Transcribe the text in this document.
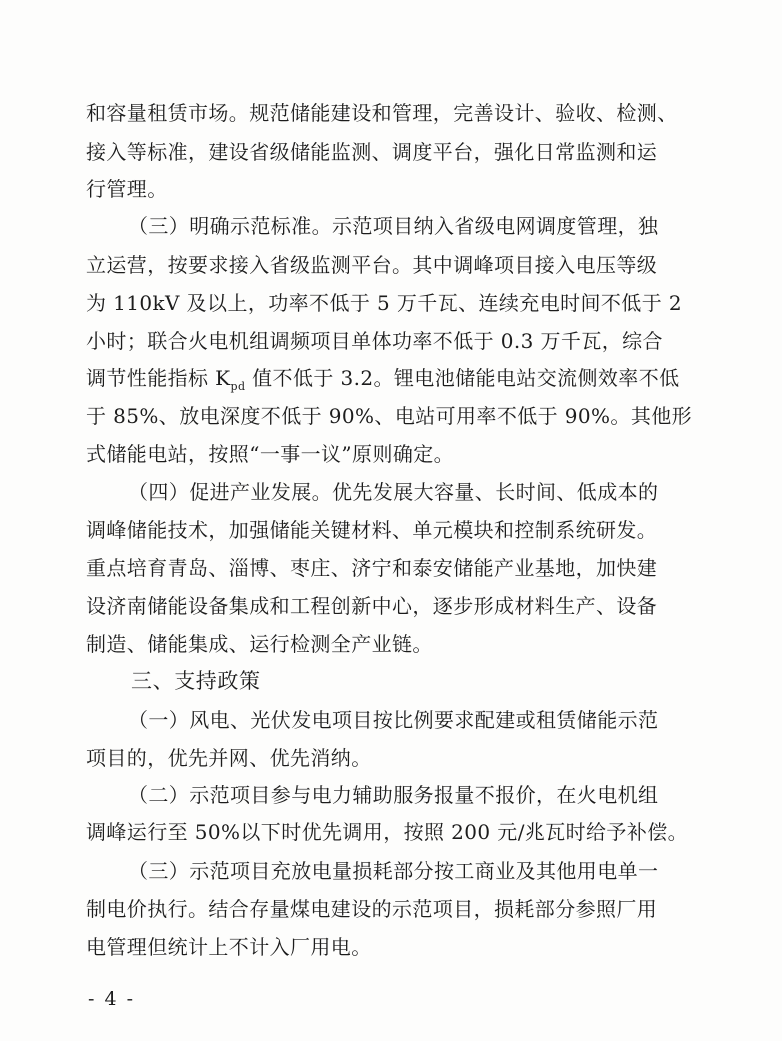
和容量租赁市场。规范储能建设和管理，完善设计、验收、检测、
接入等标准，建设省级储能监测、调度平台，强化日常监测和运
行管理。
（三）明确示范标准。示范项目纳入省级电网调度管理，独
立运营，按要求接入省级监测平台。其中调峰项目接入电压等级
为 110kV 及以上，功率不低于 5 万千瓦、连续充电时间不低于 2
小时；联合火电机组调频项目单体功率不低于 0.3 万千瓦，综合
调节性能指标 $K_{pd}$ 值不低于 3.2。锂电池储能电站交流侧效率不低
于 85%、放电深度不低于 90%、电站可用率不低于 90%。其他形
式储能电站，按照“一事一议”原则确定。
（四）促进产业发展。优先发展大容量、长时间、低成本的
调峰储能技术，加强储能关键材料、单元模块和控制系统研发。
重点培育青岛、淄博、枣庄、济宁和泰安储能产业基地，加快建
设济南储能设备集成和工程创新中心，逐步形成材料生产、设备
制造、储能集成、运行检测全产业链。
三、支持政策
（一）风电、光伏发电项目按比例要求配建或租赁储能示范
项目的，优先并网、优先消纳。
（二）示范项目参与电力辅助服务报量不报价，在火电机组
调峰运行至 50%以下时优先调用，按照 200 元/兆瓦时给予补偿。
（三）示范项目充放电量损耗部分按工商业及其他用电单一
制电价执行。结合存量煤电建设的示范项目，损耗部分参照厂用
电管理但统计上不计入厂用电。
- 4 -
